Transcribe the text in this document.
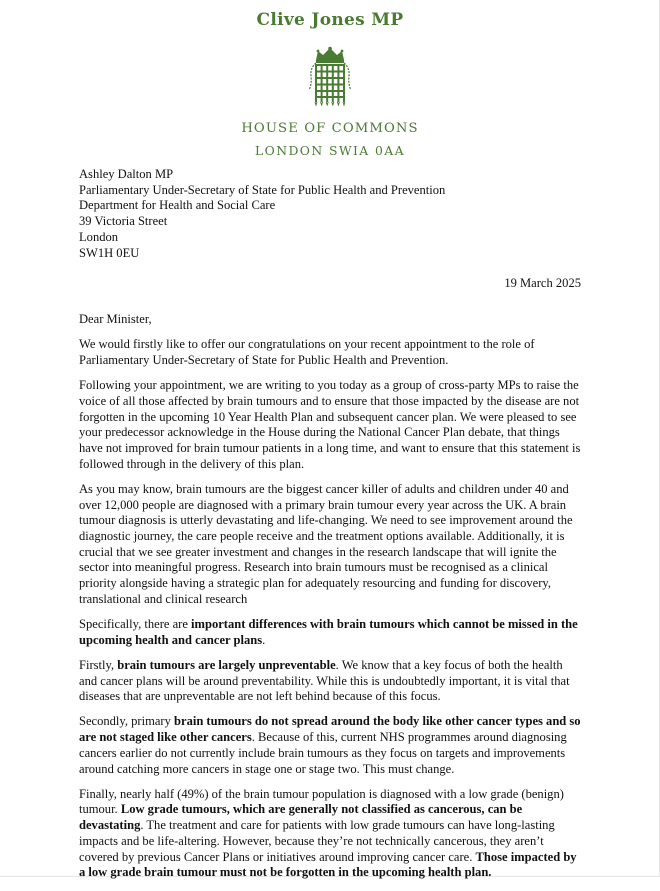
Clive Jones MP
HOUSE OF COMMONS
LONDON SWIA 0AA
Ashley Dalton MP
Parliamentary Under-Secretary of State for Public Health and Prevention
Department for Health and Social Care
39 Victoria Street
London
SW1H 0EU
19 March 2025

Dear Minister,

We would firstly like to offer our congratulations on your recent appointment to the role of Parliamentary Under-Secretary of State for Public Health and Prevention.

Following your appointment, we are writing to you today as a group of cross-party MPs to raise the voice of all those affected by brain tumours and to ensure that those impacted by the disease are not forgotten in the upcoming 10 Year Health Plan and subsequent cancer plan. We were pleased to see your predecessor acknowledge in the House during the National Cancer Plan debate, that things have not improved for brain tumour patients in a long time, and want to ensure that this statement is followed through in the delivery of this plan.

As you may know, brain tumours are the biggest cancer killer of adults and children under 40 and over 12,000 people are diagnosed with a primary brain tumour every year across the UK. A brain tumour diagnosis is utterly devastating and life-changing. We need to see improvement around the diagnostic journey, the care people receive and the treatment options available. Additionally, it is crucial that we see greater investment and changes in the research landscape that will ignite the sector into meaningful progress. Research into brain tumours must be recognised as a clinical priority alongside having a strategic plan for adequately resourcing and funding for discovery, translational and clinical research

Specifically, there are important differences with brain tumours which cannot be missed in the upcoming health and cancer plans.

Firstly, brain tumours are largely unpreventable. We know that a key focus of both the health and cancer plans will be around preventability. While this is undoubtedly important, it is vital that diseases that are unpreventable are not left behind because of this focus.

Secondly, primary brain tumours do not spread around the body like other cancer types and so are not staged like other cancers. Because of this, current NHS programmes around diagnosing cancers earlier do not currently include brain tumours as they focus on targets and improvements around catching more cancers in stage one or stage two. This must change.

Finally, nearly half (49%) of the brain tumour population is diagnosed with a low grade (benign) tumour. Low grade tumours, which are generally not classified as cancerous, can be devastating. The treatment and care for patients with low grade tumours can have long-lasting impacts and be life-altering. However, because they’re not technically cancerous, they aren’t covered by previous Cancer Plans or initiatives around improving cancer care. Those impacted by a low grade brain tumour must not be forgotten in the upcoming health plan.
